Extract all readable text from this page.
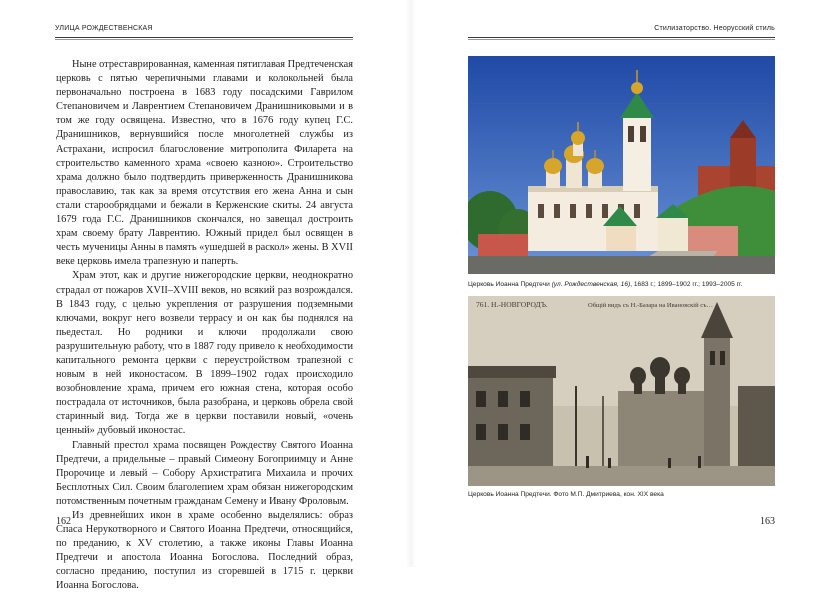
УЛИЦА РОЖДЕСТВЕНСКАЯ

Ныне отреставрированная, каменная пятиглавая Предтеченская церковь с пятью черепичными главами и колокольней была первоначально построена в 1683 году посадскими Гаврилом Степановичем и Лаврентием Степановичем Дранишниковыми и в том же году освящена. Известно, что в 1676 году купец Г.С. Дранишников, вернувшийся после многолетней службы из Астрахани, испросил благословение митрополита Филарета на строительство каменного храма «своею казною». Строительство храма должно было подтвердить приверженность Дранишникова православию, так как за время отсутствия его жена Анна и сын стали старообрядцами и бежали в Керженские скиты. 24 августа 1679 года Г.С. Дранишников скончался, но завещал достроить храм своему брату Лаврентию. Южный придел был освящен в честь мученицы Анны в память «ушедшей в раскол» жены. В XVII веке церковь имела трапезную и паперть.

Храм этот, как и другие нижегородские церкви, неоднократно страдал от пожаров XVII–XVIII веков, но всякий раз возрождался. В 1843 году, с целью укрепления от разрушения подземными ключами, вокруг него возвели террасу и он как бы поднялся на пьедестал. Но родники и ключи продолжали свою разрушительную работу, что в 1887 году привело к необходимости капитального ремонта церкви с переустройством трапезной с новым в ней иконостасом. В 1899–1902 годах происходило возобновление храма, причем его южная стена, которая особо пострадала от источников, была разобрана, и церковь обрела свой старинный вид. Тогда же в церкви поставили новый, «очень ценный» дубовый иконостас.

Главный престол храма посвящен Рождеству Святого Иоанна Предтечи, а придельные – правый Симеону Богоприимцу и Анне Пророчице и левый – Собору Архистратига Михаила и прочих Бесплотных Сил. Своим благолепием храм обязан нижегородским потомственным почетным гражданам Семену и Ивану Фроловым.

Из древнейших икон в храме особенно выделялись: образ Спаса Нерукотворного и Святого Иоанна Предтечи, относящийся, по преданию, к XV столетию, а также иконы Главы Иоанна Предтечи и апостола Иоанна Богослова. Последний образ, согласно преданию, поступил из сгоревшей в 1715 г. церкви Иоанна Богослова.

162
Стилизаторство. Неорусский стиль
Церковь Иоанна Предтечи (ул. Рождественская, 16), 1683 г.; 1899–1902 гг.; 1993–2005 гг.
761. Н.-НОВГОРОДЪ.	Общiй видъ съ Н.-Базара на Ивановскiй съ…
Церковь Иоанна Предтечи. Фото М.П. Дмитриева, кон. XIX века
163
